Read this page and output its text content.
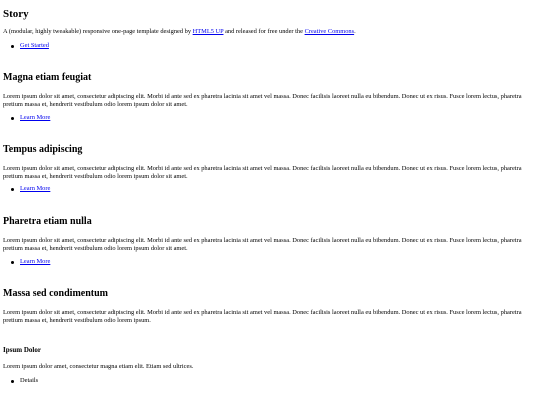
Story

A (modular, highly tweakable) responsive one-page template designed by HTML5 UP and released for free under the Creative Commons.

Get Started
Magna etiam feugiat

Lorem ipsum dolor sit amet, consectetur adipiscing elit. Morbi id ante sed ex pharetra lacinia sit amet vel massa. Donec facilisis laoreet nulla eu bibendum. Donec ut ex risus. Fusce lorem lectus, pharetra pretium massa et, hendrerit vestibulum odio lorem ipsum dolor sit amet.

Learn More
Tempus adipiscing

Lorem ipsum dolor sit amet, consectetur adipiscing elit. Morbi id ante sed ex pharetra lacinia sit amet vel massa. Donec facilisis laoreet nulla eu bibendum. Donec ut ex risus. Fusce lorem lectus, pharetra pretium massa et, hendrerit vestibulum odio lorem ipsum dolor sit amet.

Learn More
Pharetra etiam nulla

Lorem ipsum dolor sit amet, consectetur adipiscing elit. Morbi id ante sed ex pharetra lacinia sit amet vel massa. Donec facilisis laoreet nulla eu bibendum. Donec ut ex risus. Fusce lorem lectus, pharetra pretium massa et, hendrerit vestibulum odio lorem ipsum dolor sit amet.

Learn More
Massa sed condimentum

Lorem ipsum dolor sit amet, consectetur adipiscing elit. Morbi id ante sed ex pharetra lacinia sit amet vel massa. Donec facilisis laoreet nulla eu bibendum. Donec ut ex risus. Fusce lorem lectus, pharetra pretium massa et, hendrerit vestibulum odio lorem ipsum.

Ipsum Dolor

Lorem ipsum dolor amet, consectetur magna etiam elit. Etiam sed ultrices.

Details
